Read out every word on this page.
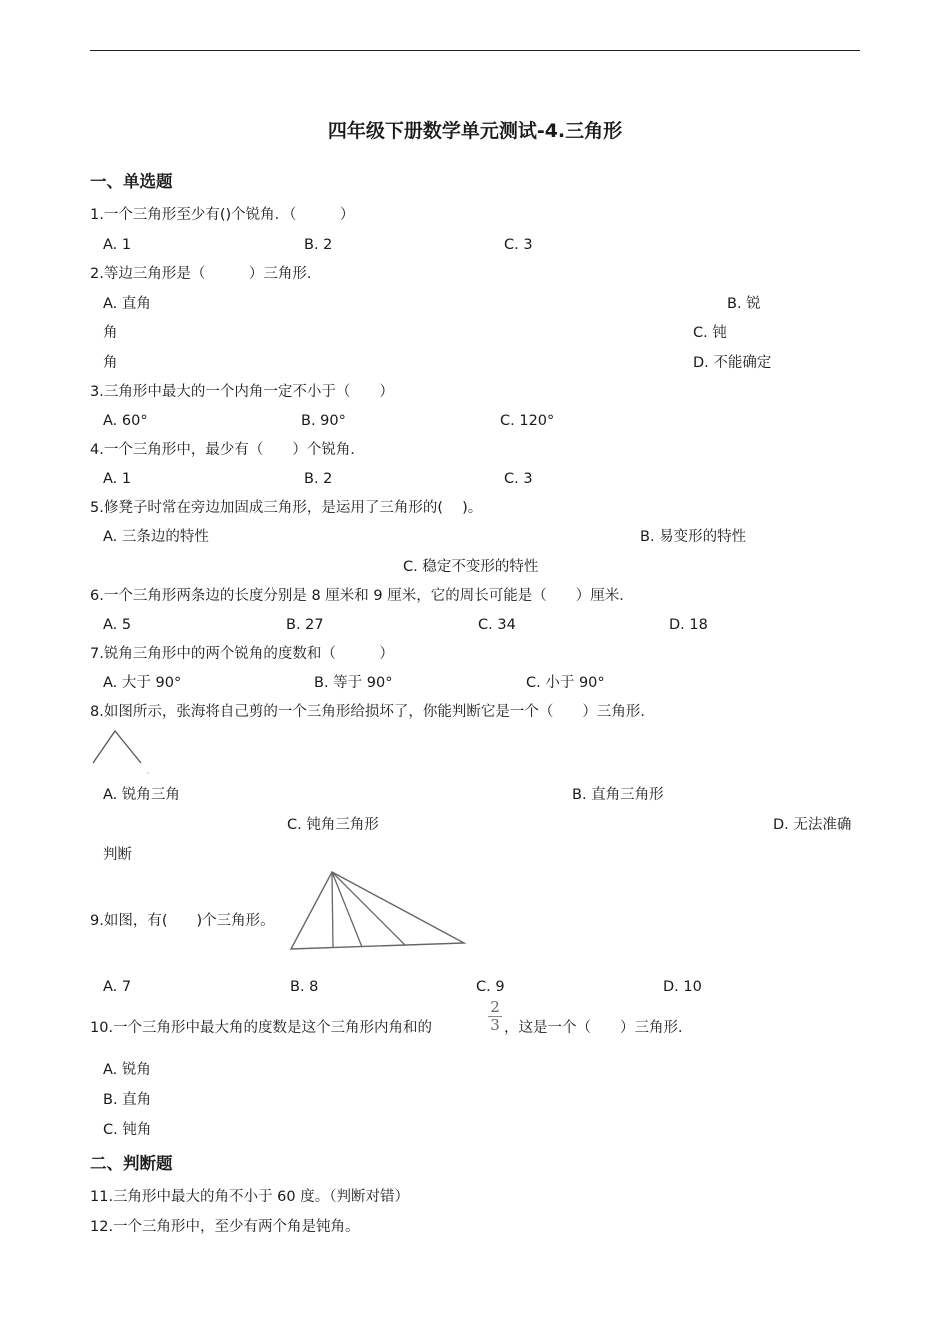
四年级下册数学单元测试-4.三角形
一、单选题
1.一个三角形至少有()个锐角．（　　　）
A. 1	B. 2	C. 3
2.等边三角形是（　　　）三角形．
A. 直角	B. 锐
角	C. 钝
角	D. 不能确定
3.三角形中最大的一个内角一定不小于（　　）
A. 60°	B. 90°	C. 120°
4.一个三角形中，最少有（　　）个锐角．
A. 1	B. 2	C. 3
5.修凳子时常在旁边加固成三角形，是运用了三角形的(　 )。
A. 三条边的特性	B. 易变形的特性
C. 稳定不变形的特性
6.一个三角形两条边的长度分别是 8 厘米和 9 厘米，它的周长可能是（　　）厘米．
A. 5	B. 27	C. 34	D. 18
7.锐角三角形中的两个锐角的度数和（　　　）
A. 大于 90°	B. 等于 90°	C. 小于 90°
8.如图所示，张海将自己剪的一个三角形给损坏了，你能判断它是一个（　　）三角形．
A. 锐角三角	B. 直角三角形
C. 钝角三角形	D. 无法准确
判断
9.如图，有(　　)个三角形。
A. 7	B. 8	C. 9	D. 10
10.一个三角形中最大角的度数是这个三角形内角和的
2
3 ，这是一个（　　）三角形．
A. 锐角
B. 直角
C. 钝角
二、判断题
11.三角形中最大的角不小于 60 度。（判断对错）
12.一个三角形中，至少有两个角是钝角。
